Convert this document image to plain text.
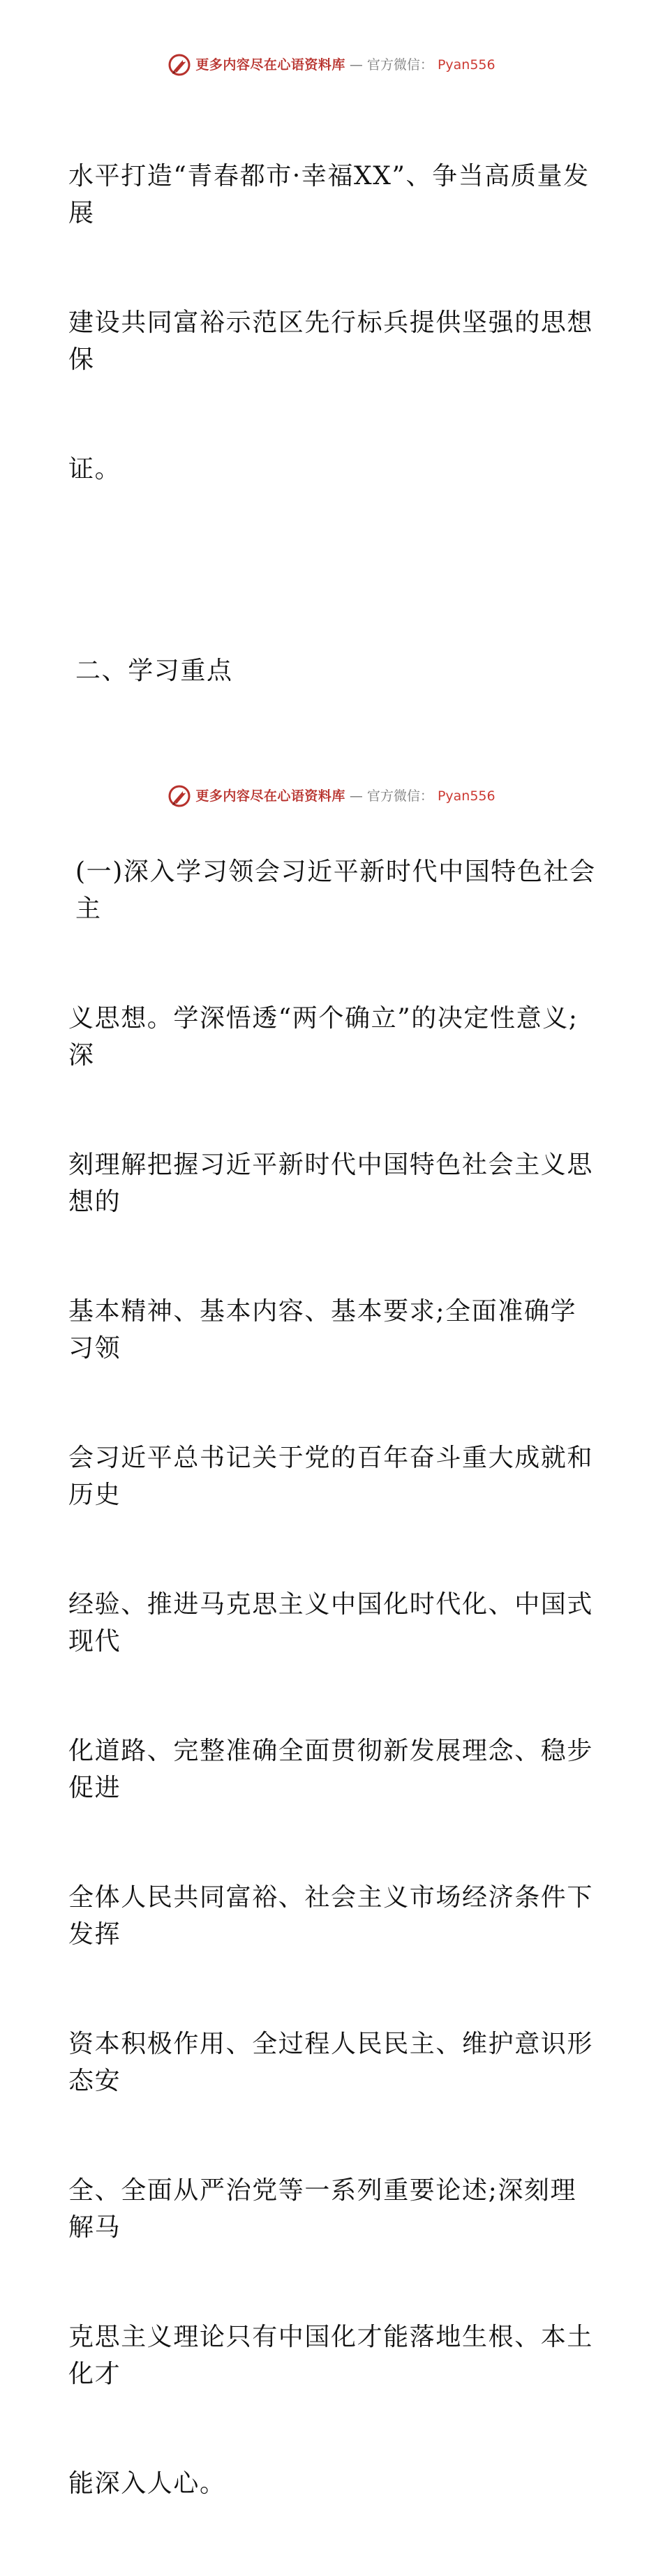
更多内容尽在心语资料库 — 官方微信： Pyan556

水平打造“青春都市·幸福XX”、争当高质量发展

建设共同富裕示范区先行标兵提供坚强的思想保

证。

二、学习重点

(一)深入学习领会习近平新时代中国特色社会主

义思想。学深悟透“两个确立”的决定性意义;深

刻理解把握习近平新时代中国特色社会主义思想的

基本精神、基本内容、基本要求;全面准确学习领

会习近平总书记关于党的百年奋斗重大成就和历史

经验、推进马克思主义中国化时代化、中国式现代

化道路、完整准确全面贯彻新发展理念、稳步促进

全体人民共同富裕、社会主义市场经济条件下发挥

资本积极作用、全过程人民民主、维护意识形态安

全、全面从严治党等一系列重要论述;深刻理解马

克思主义理论只有中国化才能落地生根、本土化才

能深入人心。

更多内容尽在心语资料库 — 官方微信： Pyan556
